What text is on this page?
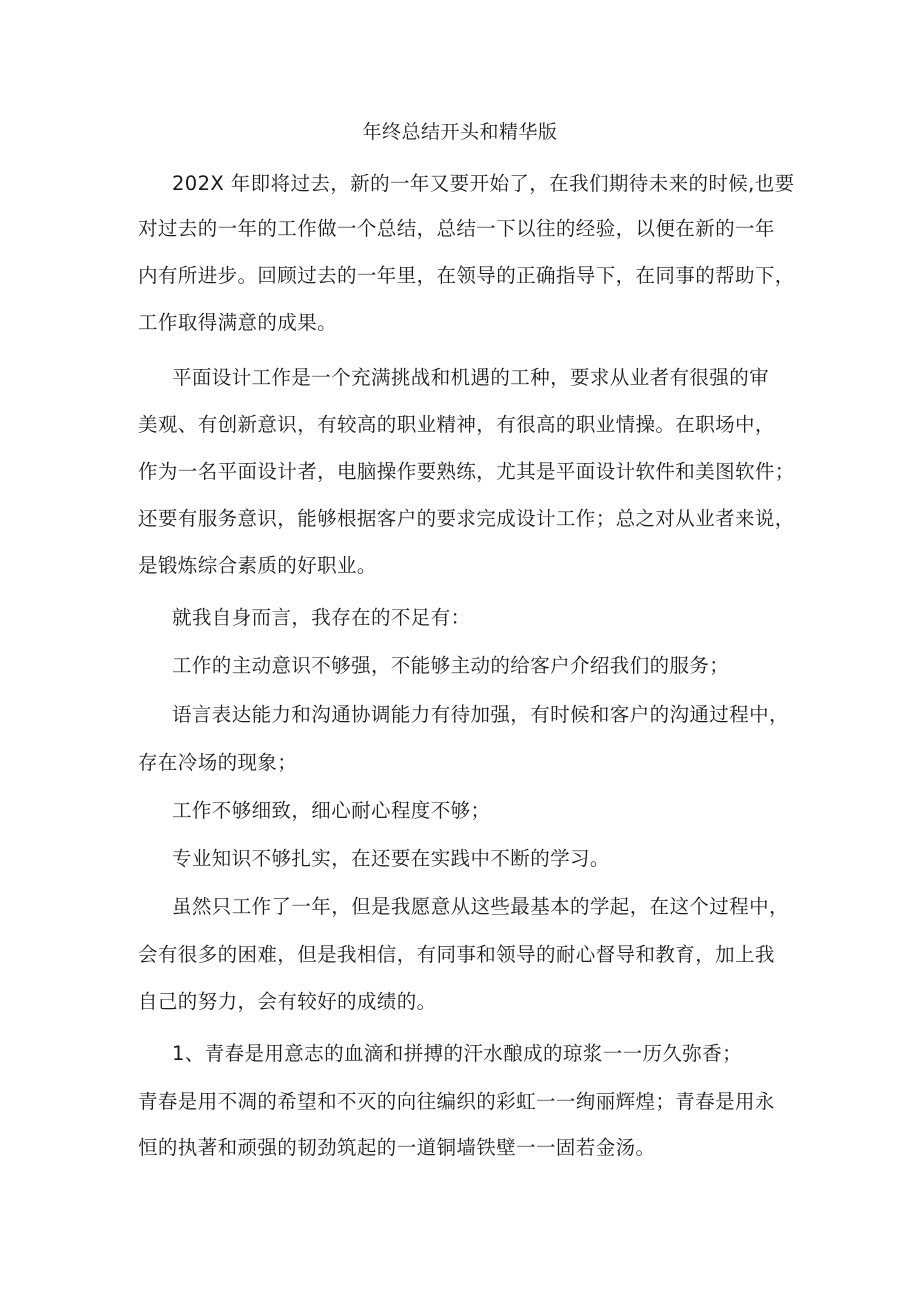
年终总结开头和精华版
202X 年即将过去，新的一年又要开始了，在我们期待未来的时候,也要
对过去的一年的工作做一个总结，总结一下以往的经验，以便在新的一年
内有所进步。回顾过去的一年里，在领导的正确指导下，在同事的帮助下，
工作取得满意的成果。
平面设计工作是一个充满挑战和机遇的工种，要求从业者有很强的审
美观、有创新意识，有较高的职业精神，有很高的职业情操。在职场中，
作为一名平面设计者，电脑操作要熟练，尤其是平面设计软件和美图软件；
还要有服务意识，能够根据客户的要求完成设计工作；总之对从业者来说，
是锻炼综合素质的好职业。
就我自身而言，我存在的不足有：
工作的主动意识不够强，不能够主动的给客户介绍我们的服务；
语言表达能力和沟通协调能力有待加强，有时候和客户的沟通过程中，
存在冷场的现象；
工作不够细致，细心耐心程度不够；
专业知识不够扎实，在还要在实践中不断的学习。
虽然只工作了一年，但是我愿意从这些最基本的学起，在这个过程中，
会有很多的困难，但是我相信，有同事和领导的耐心督导和教育，加上我
自己的努力，会有较好的成绩的。
1、青春是用意志的血滴和拼搏的汗水酿成的琼浆一一历久弥香；
青春是用不凋的希望和不灭的向往编织的彩虹一一绚丽辉煌；青春是用永
恒的执著和顽强的韧劲筑起的一道铜墙铁壁一一固若金汤。
